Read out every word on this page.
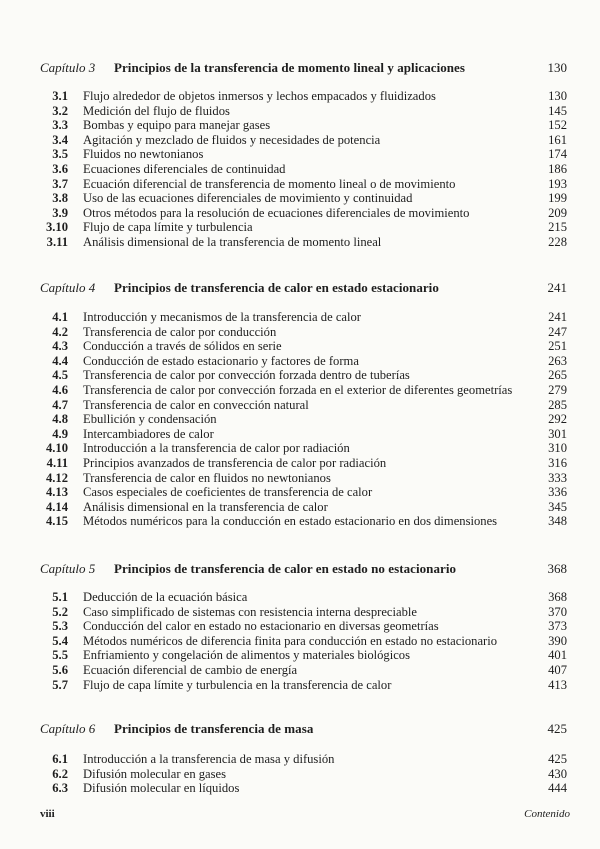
Capítulo 3	Principios de la transferencia de momento lineal y aplicaciones	130
3.1 Flujo alrededor de objetos inmersos y lechos empacados y fluidizados	130
3.2 Medición del flujo de fluidos	145
3.3 Bombas y equipo para manejar gases	152
3.4 Agitación y mezclado de fluidos y necesidades de potencia	161
3.5 Fluidos no newtonianos	174
3.6 Ecuaciones diferenciales de continuidad	186
3.7 Ecuación diferencial de transferencia de momento lineal o de movimiento	193
3.8 Uso de las ecuaciones diferenciales de movimiento y continuidad	199
3.9 Otros métodos para la resolución de ecuaciones diferenciales de movimiento	209
3.10 Flujo de capa límite y turbulencia	215
3.11 Análisis dimensional de la transferencia de momento lineal	228
Capítulo 4	Principios de transferencia de calor en estado estacionario	241
4.1 Introducción y mecanismos de la transferencia de calor	241
4.2 Transferencia de calor por conducción	247
4.3 Conducción a través de sólidos en serie	251
4.4 Conducción de estado estacionario y factores de forma	263
4.5 Transferencia de calor por convección forzada dentro de tuberías	265
4.6 Transferencia de calor por convección forzada en el exterior de diferentes geometrías	279
4.7 Transferencia de calor en convección natural	285
4.8 Ebullición y condensación	292
4.9 Intercambiadores de calor	301
4.10 Introducción a la transferencia de calor por radiación	310
4.11 Principios avanzados de transferencia de calor por radiación	316
4.12 Transferencia de calor en fluidos no newtonianos	333
4.13 Casos especiales de coeficientes de transferencia de calor	336
4.14 Análisis dimensional en la transferencia de calor	345
4.15 Métodos numéricos para la conducción en estado estacionario en dos dimensiones	348
Capítulo 5	Principios de transferencia de calor en estado no estacionario	368
5.1 Deducción de la ecuación básica	368
5.2 Caso simplificado de sistemas con resistencia interna despreciable	370
5.3 Conducción del calor en estado no estacionario en diversas geometrías	373
5.4 Métodos numéricos de diferencia finita para conducción en estado no estacionario	390
5.5 Enfriamiento y congelación de alimentos y materiales biológicos	401
5.6 Ecuación diferencial de cambio de energía	407
5.7 Flujo de capa límite y turbulencia en la transferencia de calor	413
Capítulo 6	Principios de transferencia de masa	425
6.1 Introducción a la transferencia de masa y difusión	425
6.2 Difusión molecular en gases	430
6.3 Difusión molecular en líquidos	444
viii	Contenido
